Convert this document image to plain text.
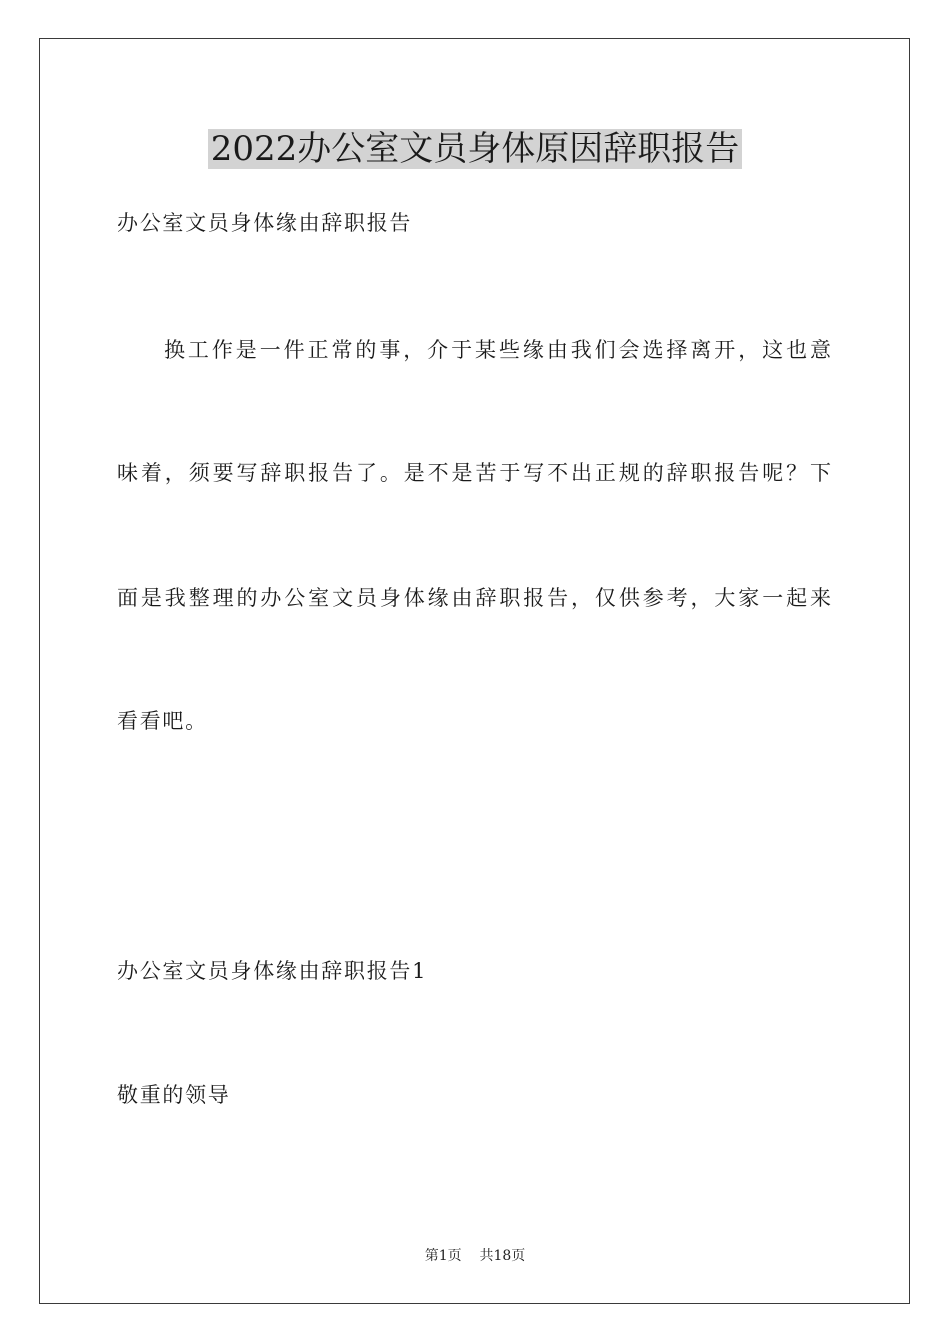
2022办公室文员身体原因辞职报告

办公室文员身体缘由辞职报告

换工作是一件正常的事，介于某些缘由我们会选择离开，这也意

味着，须要写辞职报告了。是不是苦于写不出正规的辞职报告呢？下

面是我整理的办公室文员身体缘由辞职报告，仅供参考，大家一起来

看看吧。

办公室文员身体缘由辞职报告1

敬重的领导

第1页 共18页
